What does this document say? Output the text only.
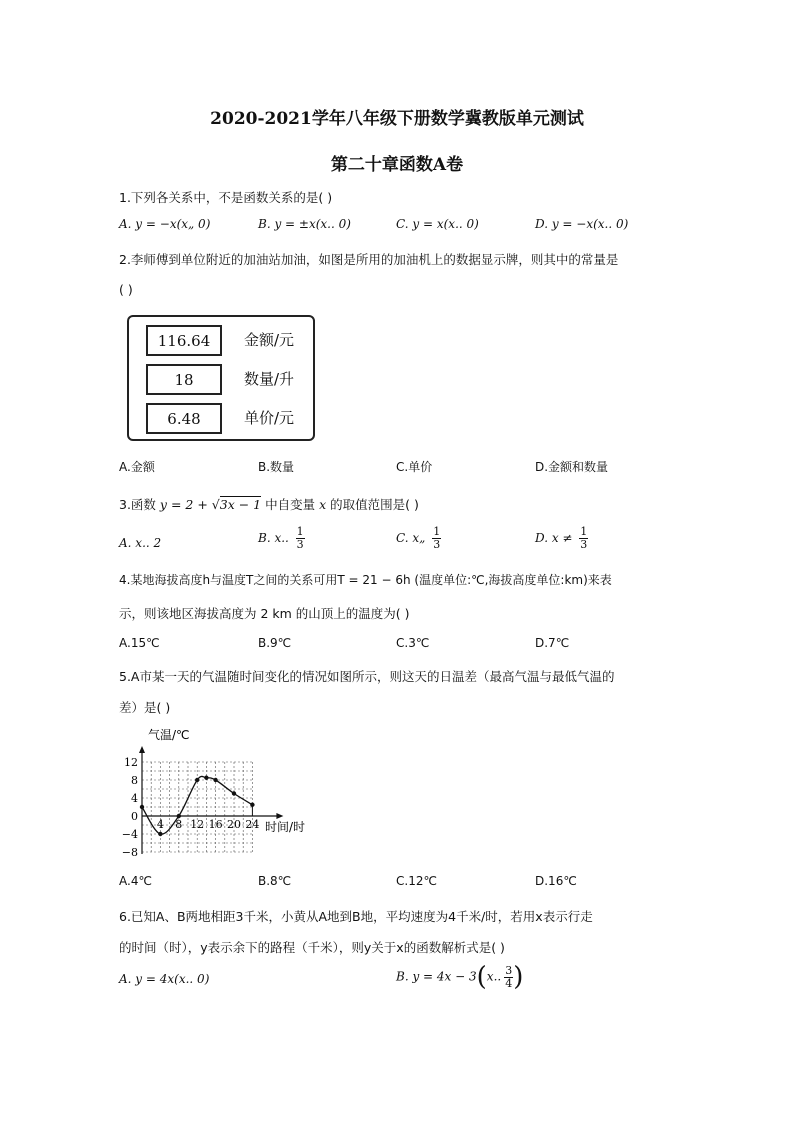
2020-2021学年八年级下册数学冀教版单元测试
第二十章函数A卷
1.下列各关系中，不是函数关系的是( )
A. y = −x(x„ 0)	B. y = ±x(x.. 0)	C. y = x(x.. 0)	D. y = −x(x.. 0)
2.李师傅到单位附近的加油站加油，如图是所用的加油机上的数据显示牌，则其中的常量是
( )
116.64	金额/元
18	数量/升
6.48	单价/元
A.金额	B.数量	C.单价	D.金额和数量
3.函数 y = 2 + √3x − 1 中自变量 x 的取值范围是( )
A. x.. 2	B. x.. $\frac{1}{3}$	C. x„ $\frac{1}{3}$	D. $x \ne \frac{1}{3}$
4.某地海拔高度h与温度T之间的关系可用T = 21 − 6h (温度单位:℃,海拔高度单位:km)来表
示，则该地区海拔高度为 2 km 的山顶上的温度为( )
A.15℃	B.9℃	C.3℃	D.7℃
5.A市某一天的气温随时间变化的情况如图所示，则这天的日温差（最高气温与最低气温的
差）是( )
4 8 12 16 20 24
12
8
4
0
−4
−8
气温/℃
时间/时
A.4℃	B.8℃	C.12℃	D.16℃
6.已知A、B两地相距3千米，小黄从A地到B地，平均速度为4千米/时，若用x表示行走
的时间（时），y表示余下的路程（千米），则y关于x的函数解析式是( )
A. y = 4x(x.. 0)	B. y = 4x − 3(x.. $\frac{3}{4}$ )
